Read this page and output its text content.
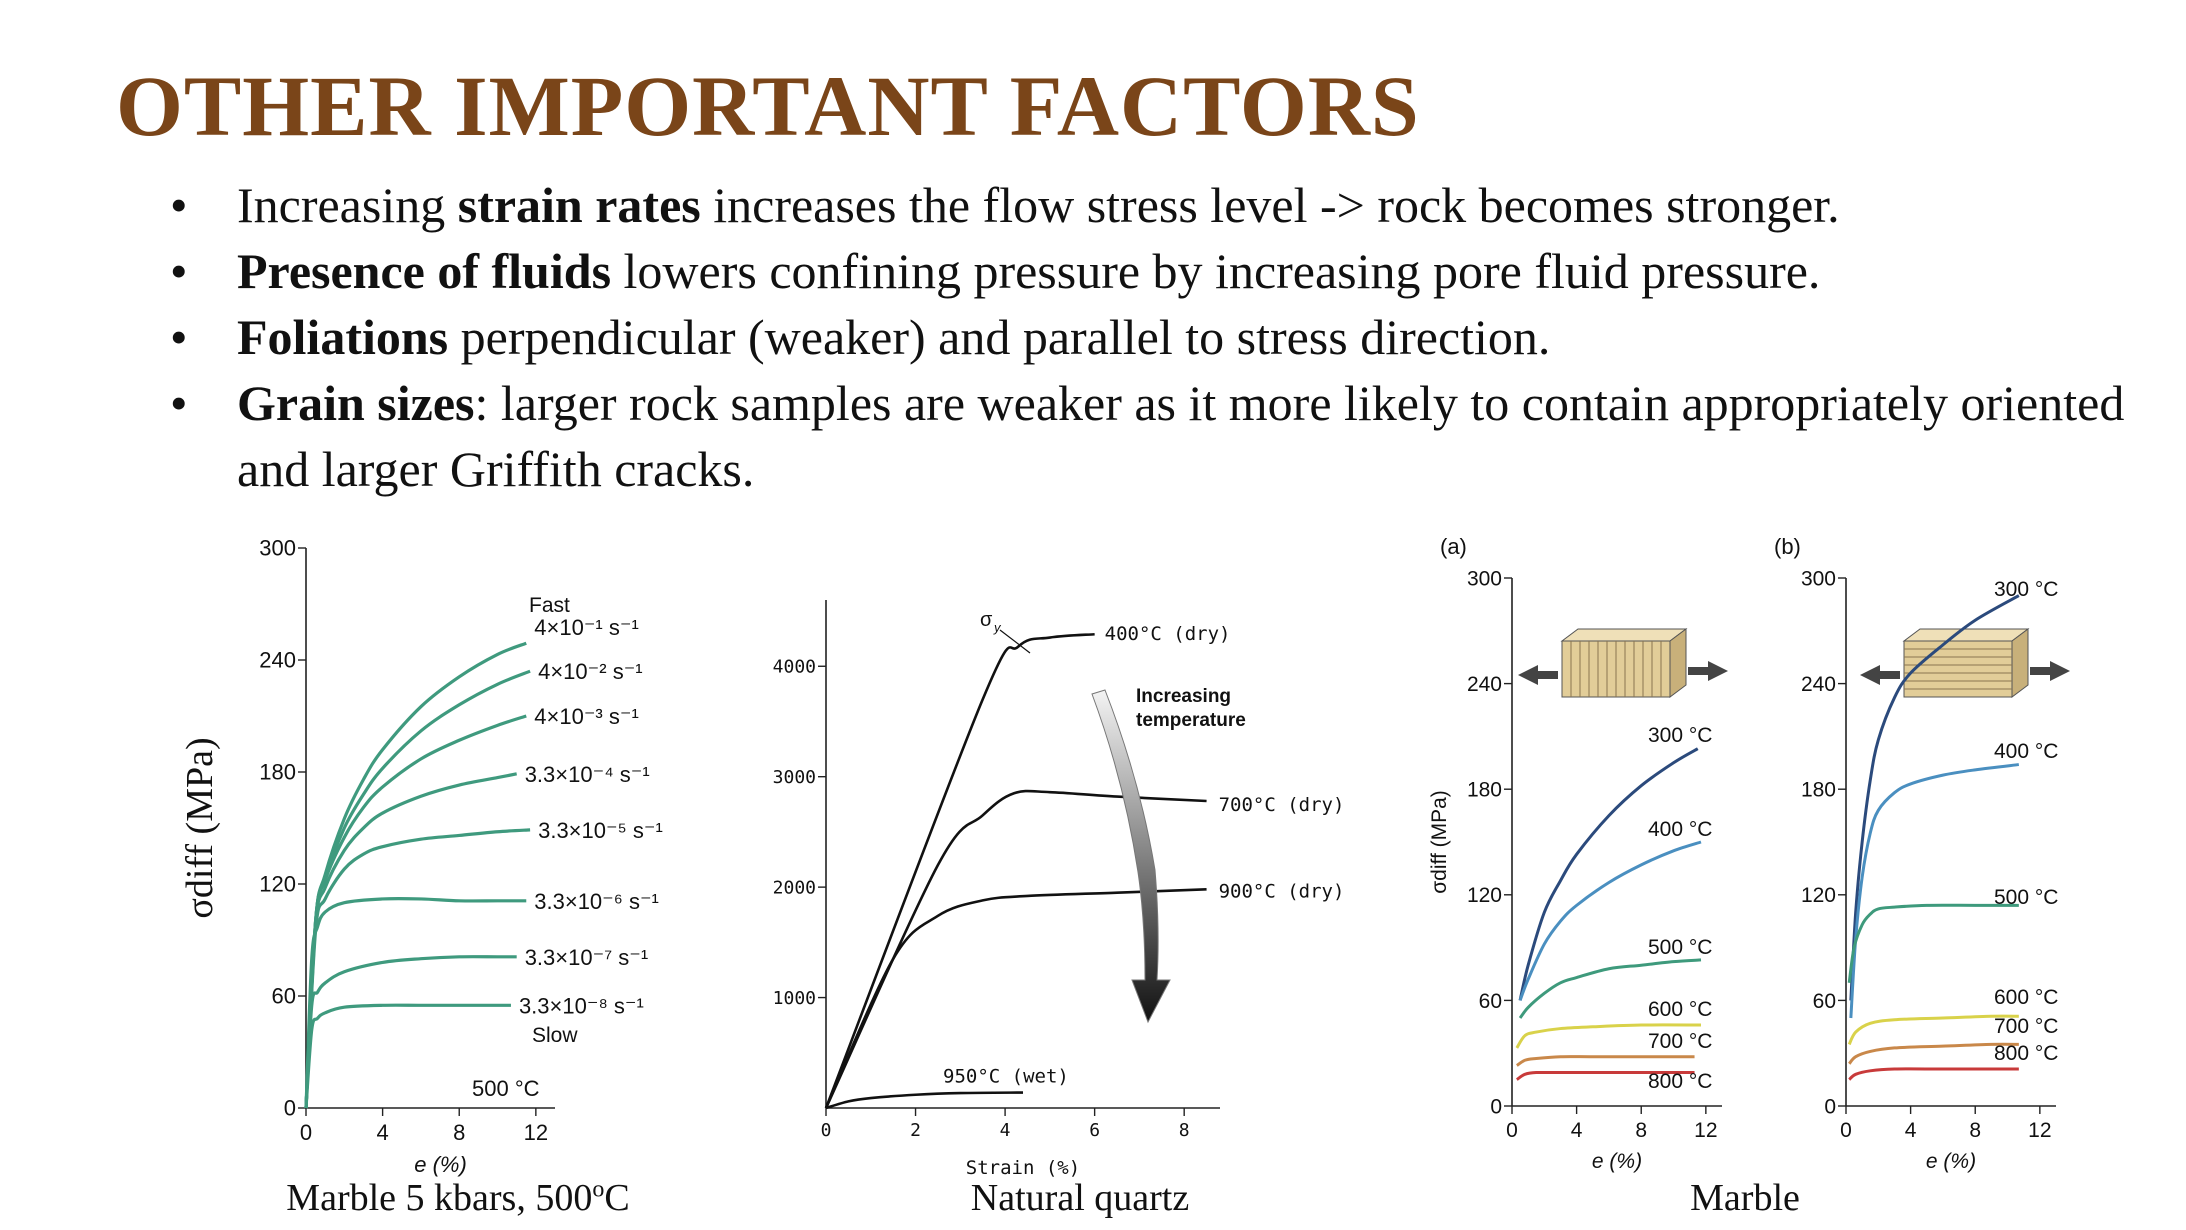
OTHER IMPORTANT FACTORS
• Increasing strain rates increases the flow stress level -> rock becomes stronger.
• Presence of fluids lowers confining pressure by increasing pore fluid pressure.
• Foliations perpendicular (weaker) and parallel to stress direction.
• Grain sizes: larger rock samples are weaker as it more likely to contain appropriately oriented and larger Griffith cracks.
0
60
120
180
240
300
0	4	8	12
σdiff (MPa)
e (%)
4×10⁻¹ s⁻¹
4×10⁻² s⁻¹
4×10⁻³ s⁻¹
3.3×10⁻⁴ s⁻¹
3.3×10⁻⁵ s⁻¹
3.3×10⁻⁶ s⁻¹
3.3×10⁻⁷ s⁻¹
3.3×10⁻⁸ s⁻¹
Fast
Slow
500 °C
1000
2000
3000
4000
0	2	4	6	8
Strain (%)
400°C (dry)
700°C (dry)
900°C (dry)
950°C (wet)
σ y
Increasing
temperature
0
60
120
180
240
300
0	4	8 12
(a)
σdiff (MPa)
e (%)
300 °C
400 °C
500 °C
600 °C
700 °C
800 °C
0
60
120
180
240
300
0	4	8 12
(b)
e (%)
300 °C
400 °C
500 °C
600 °C
700 °C
800 °C
Marble 5 kbars, 500$^o$C	Natural quartz	Marble
